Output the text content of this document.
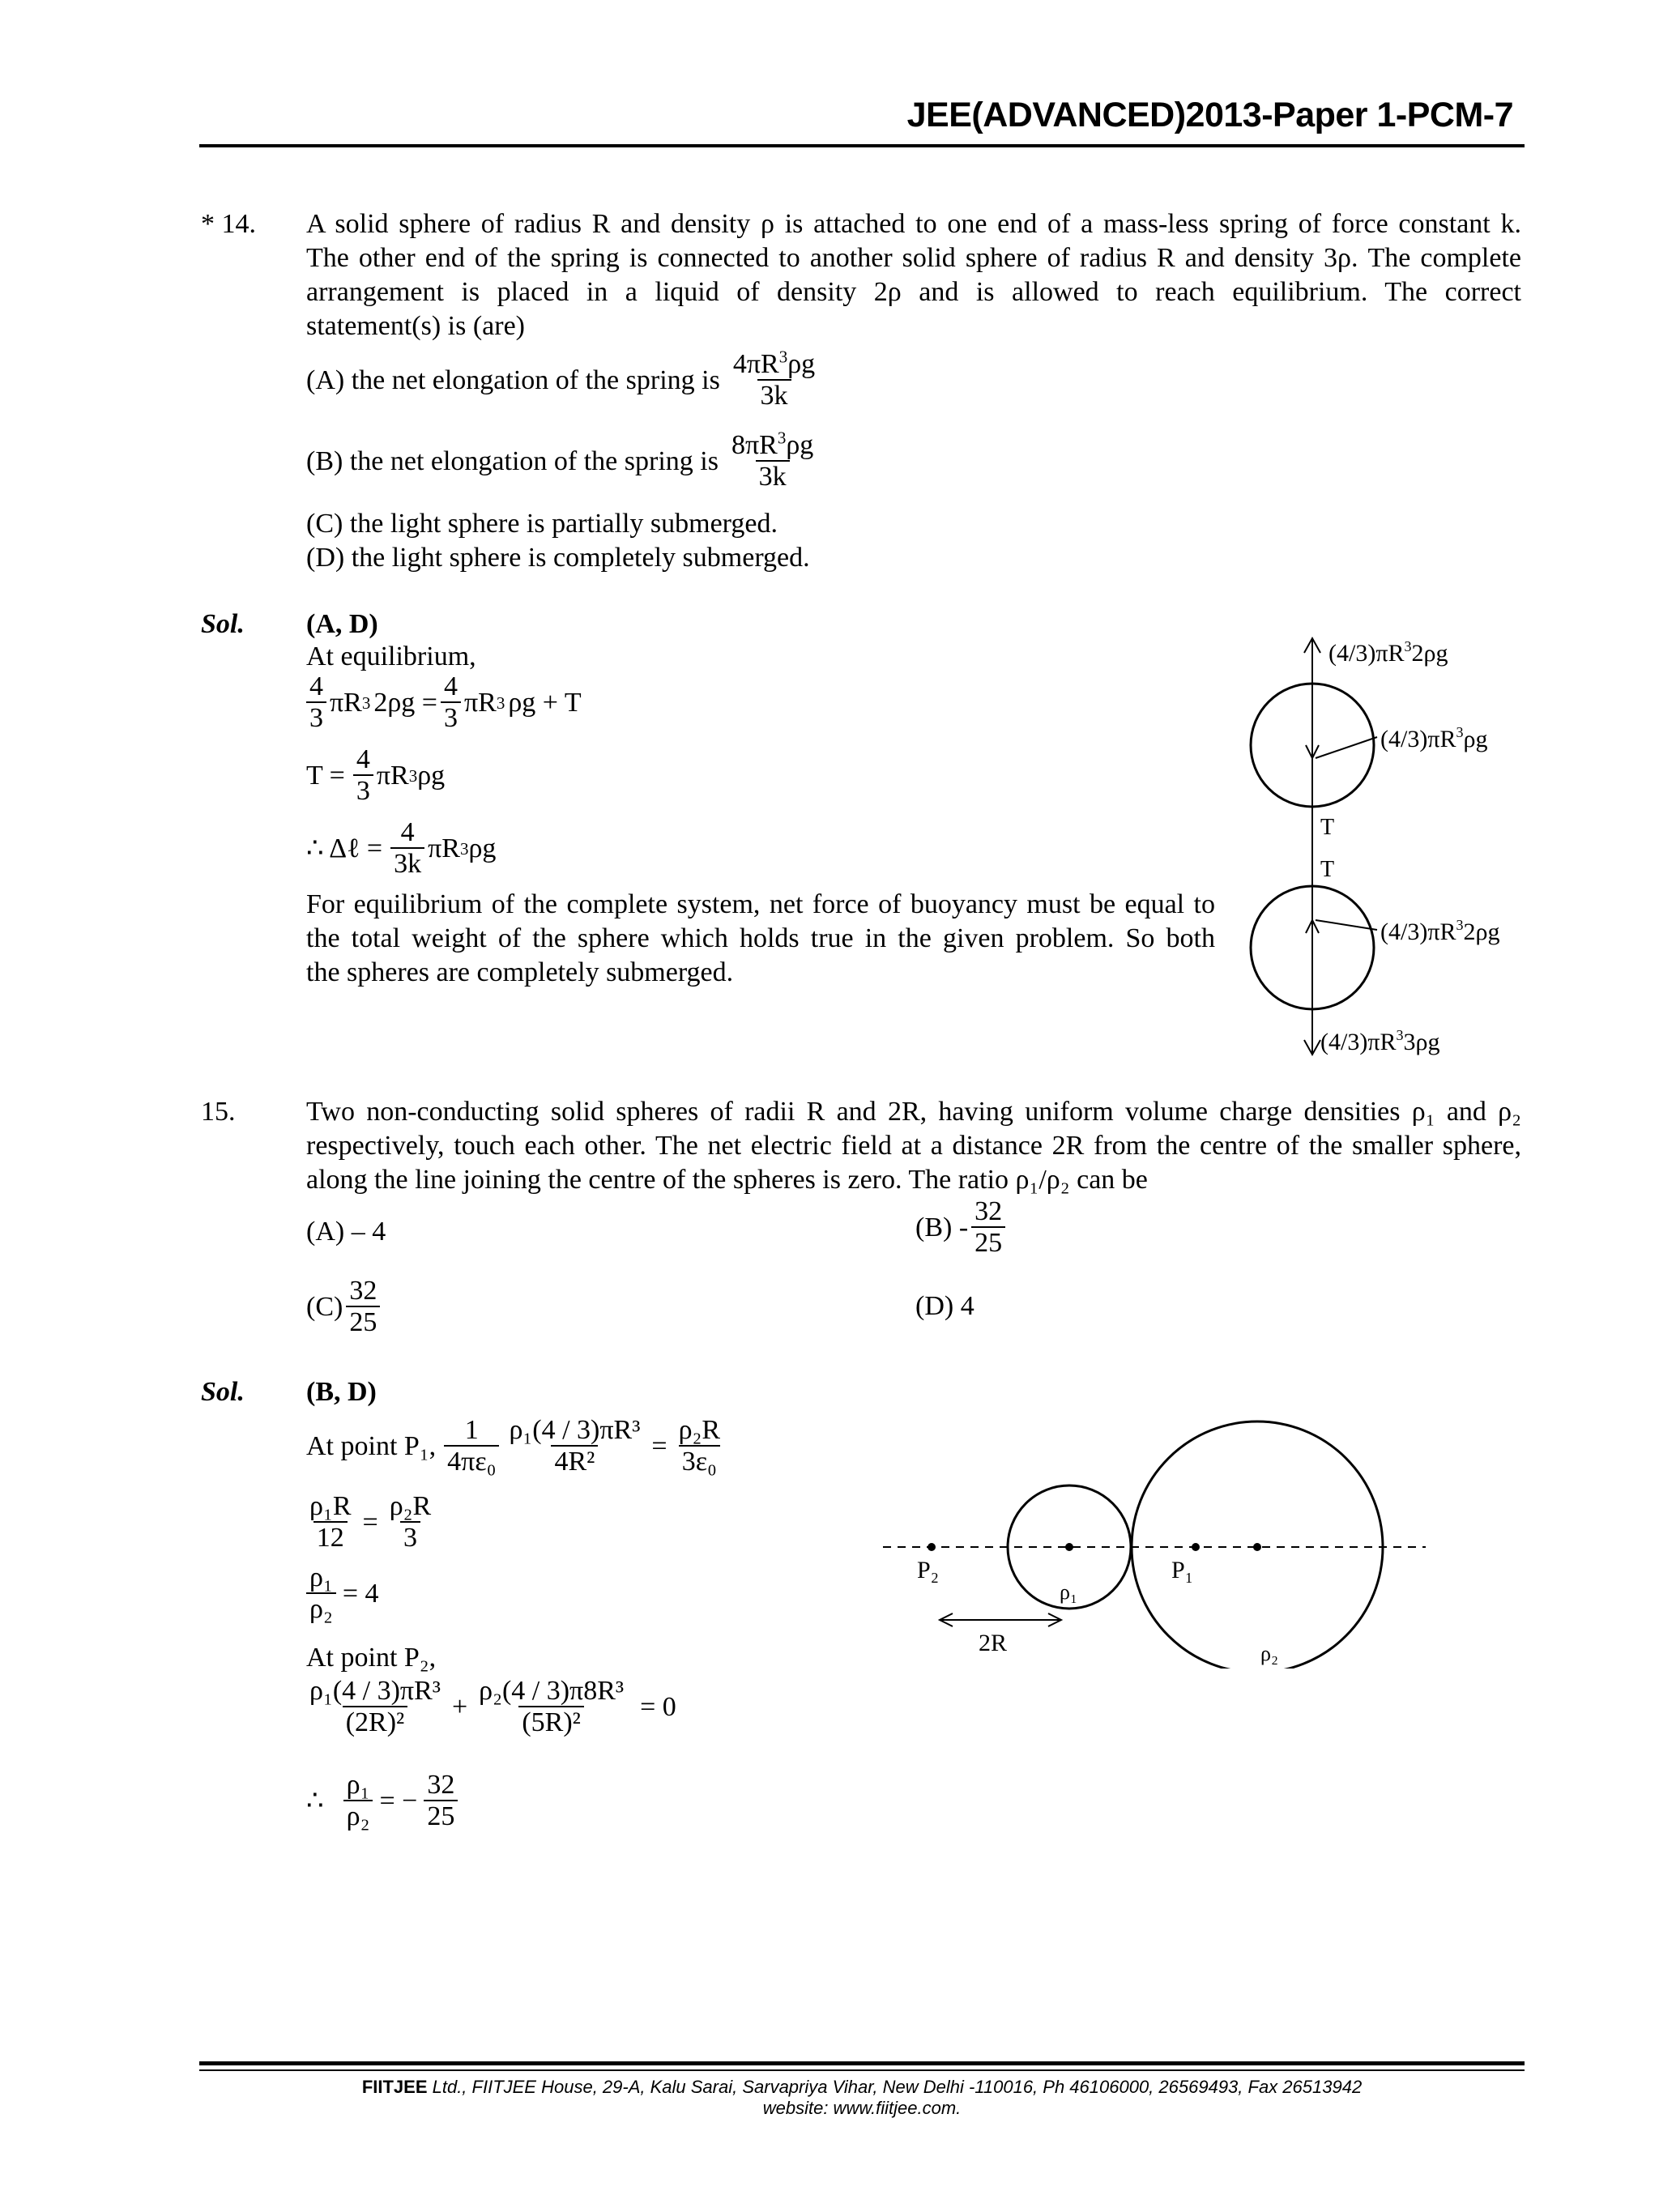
JEE(ADVANCED)2013-Paper 1-PCM-7
* 14. A solid sphere of radius R and density ρ is attached to one end of a mass-less spring of force constant k.
The other end of the spring is connected to another solid sphere of radius R and density 3ρ. The complete
arrangement is placed in a liquid of density 2ρ and is allowed to reach equilibrium. The correct
statement(s) is (are)
(A) the net elongation of the spring is $\frac{4\pi R^3\rho g}{3k}$
(B) the net elongation of the spring is $\frac{8\pi R^3\rho g}{3k}$
(C) the light sphere is partially submerged.
(D) the light sphere is completely submerged.
Sol. (A, D)
At equilibrium,
$\frac{4}{3}$ πR 3 $2\rho g = \frac{4}{3}$ πR 3 ρg + T
$T = \frac{4}{3}$ πR 3 ρg
∴ Δℓ = $\frac{4}{3k}$ πR 3 ρg
For equilibrium of the complete system, net force of buoyancy must be equal to
the total weight of the sphere which holds true in the given problem. So both
the spheres are completely submerged.
$(4/3)\pi R^32\rho g$
$(4/3)\pi R^3\rho g$
T
T
$(4/3)\pi R^32\rho g$
$(4/3)\pi R^33\rho g$
15.	Two non-conducting solid spheres of radii R and 2R, having uniform volume charge densities ρ₁ and ρ₂
respectively, touch each other. The net electric field at a distance 2R from the centre of the smaller sphere,
along the line joining the centre of the spheres is zero. The ratio ρ₁/ρ₂ can be
(A) – 4	$(B) - \frac{32}{25}$
$(C) \frac{32}{25}$	(D) 4
Sol. (B, D)
At point P₁, $\frac{1}{\text{4πε₀}} \frac{\text{ρ₁(4 / 3)πR³}}{\text{4R²}} = \frac{\text{ρ₂R}}{\text{3ε₀}}$
$\frac{\text{ρ₁R}}{12} = \frac{\text{ρ₂R}}{3}$
$\frac{\text{ρ₁}}{\text{ρ₂}} = 4$
At point P₂,
$\frac{\text{ρ₁(4 / 3)πR³}}{\text{(2R)²}} + \frac{\text{ρ₂(4 / 3)π8R³}}{\text{(5R)²}} = 0$
∴ $\frac{\text{ρ₁}}{\text{ρ₂}}$ = − $\frac{32}{25}$
P₂
ρ₁
P₁
2R	ρ₂
FIITJEE Ltd., FIITJEE House, 29-A, Kalu Sarai, Sarvapriya Vihar, New Delhi -110016, Ph 46106000, 26569493, Fax 26513942
website: www.fiitjee.com.
